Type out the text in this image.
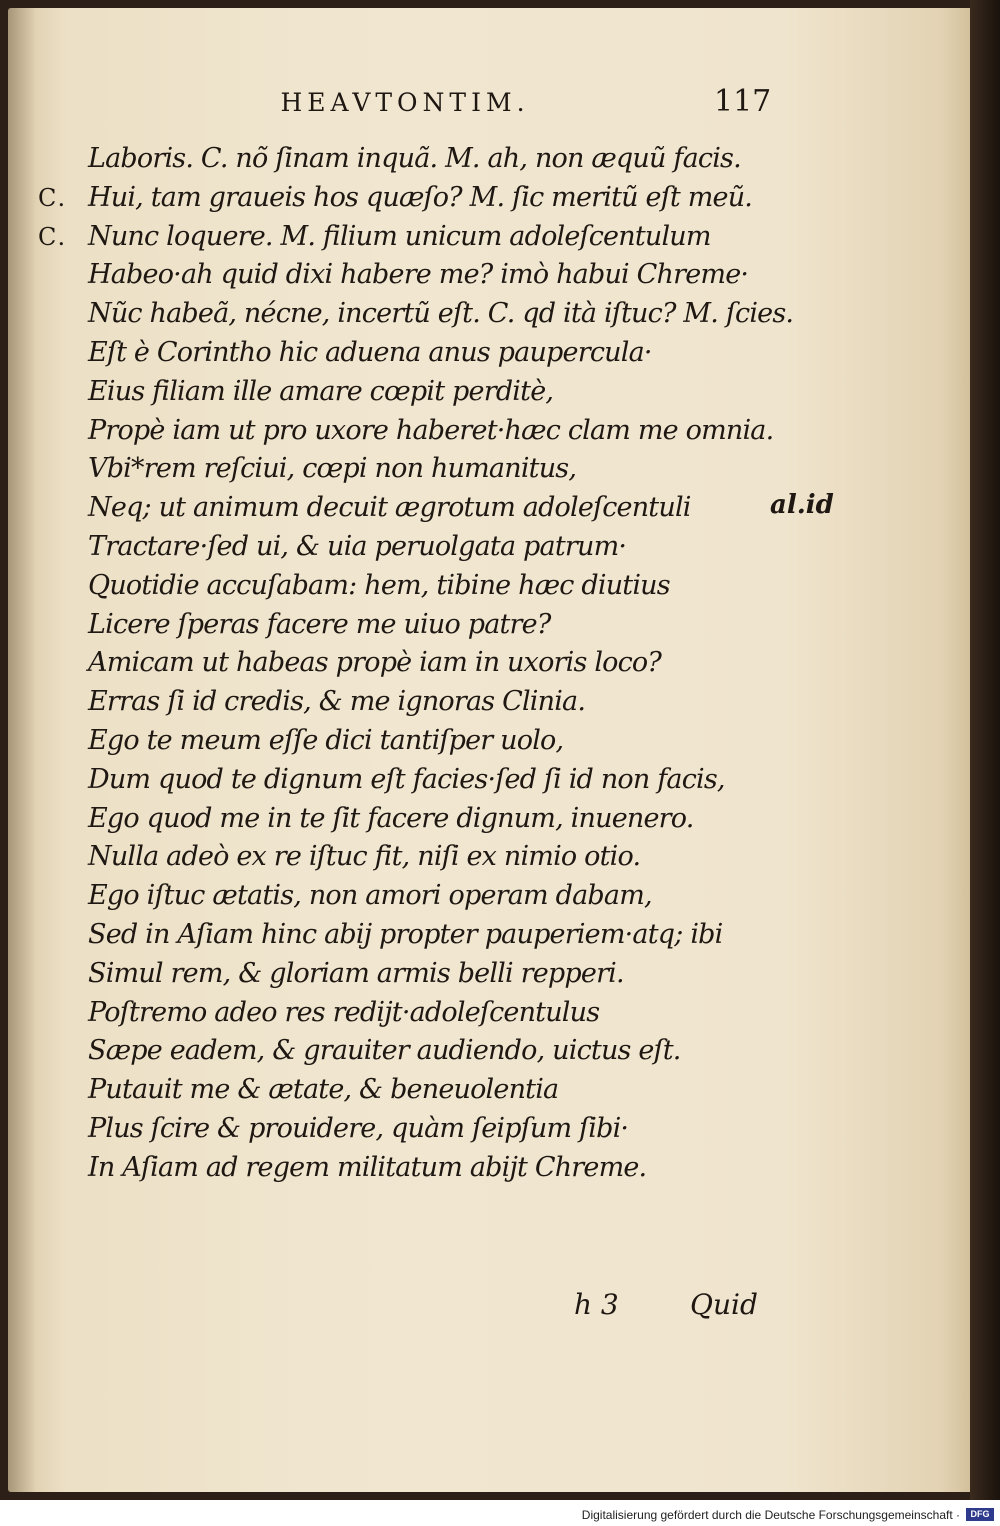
HEAVTONTIM.	117
Laboris. C. nõ ſinam inquã. M. ah, non æquũ facis.
C. Hui, tam graueis hos quæſo? M. ſic meritũ eſt meũ.
C. Nunc loquere. M. filium unicum adoleſcentulum
Habeo·ah quid dixi habere me? imò habui Chreme·
Nũc habeã, nécne, incertũ eſt. C. qd ità iſtuc? M. ſcies.
Eſt è Corintho hic aduena anus paupercula·
Eius filiam ille amare cœpit perditè,
Propè iam ut pro uxore haberet·hæc clam me omnia.
Vbi*rem reſciui, cœpi non humanitus,
Neq; ut animum decuit ægrotum adoleſcentuli
Tractare·ſed ui, & uia peruolgata patrum·
Quotidie accuſabam: hem, tibine hæc diutius
Licere ſperas facere me uiuo patre?
Amicam ut habeas propè iam in uxoris loco?
Erras ſi id credis, & me ignoras Clinia.
Ego te meum eſſe dici tantiſper uolo,
Dum quod te dignum eſt facies·ſed ſi id non facis,
Ego quod me in te ſit facere dignum, inuenero.
Nulla adeò ex re iſtuc fit, niſi ex nimio otio.
Ego iſtuc ætatis, non amori operam dabam,
Sed in Aſiam hinc abij propter pauperiem·atq; ibi
Simul rem, & gloriam armis belli repperi.
Poſtremo adeo res redijt·adoleſcentulus
Sæpe eadem, & grauiter audiendo, uictus eſt.
Putauit me & ætate, & beneuolentia
Plus ſcire & prouidere, quàm ſeipſum ſibi·
In Aſiam ad regem militatum abijt Chreme.
al.id
h 3	Quid
Digitalisierung gefördert durch die Deutsche Forschungsgemeinschaft ·	DFG
